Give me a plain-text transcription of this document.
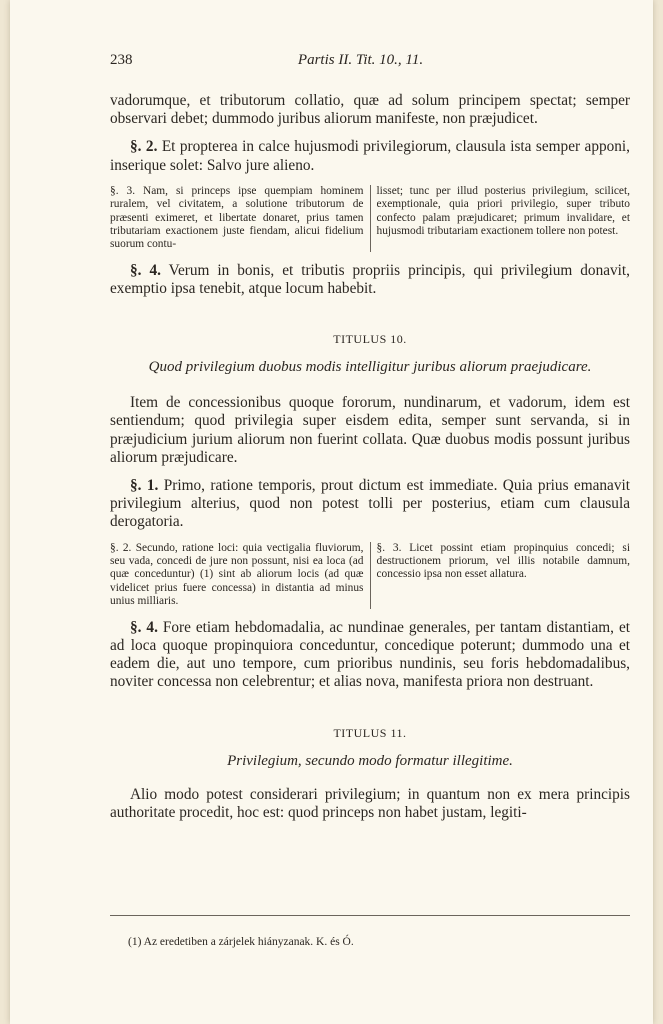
238	Partis II. Tit. 10., 11.

vadorumque, et tributorum collatio, quæ ad solum principem spectat; semper observari debet; dummodo juribus aliorum manifeste, non præjudicet.

§. 2. Et propterea in calce hujusmodi privilegiorum, clausula ista semper apponi, inserique solet: Salvo jure alieno.

§. 3. Nam, si princeps ipse quempiam hominem ruralem, vel civitatem, a solutione tributorum de præsenti eximeret, et libertate donaret, prius tamen tributariam exactionem juste fiendam, alicui fidelium suorum contu-
lisset; tunc per illud posterius privilegium, scilicet, exemptionale, quia priori privilegio, super tributo confecto palam præjudicaret; primum invalidare, et hujusmodi tributariam exactionem tollere non potest.

§. 4. Verum in bonis, et tributis propriis principis, qui privilegium donavit, exemptio ipsa tenebit, atque locum habebit.

TITULUS 10.

Quod privilegium duobus modis intelligitur juribus aliorum praejudicare.

Item de concessionibus quoque fororum, nundinarum, et vadorum, idem est sentiendum; quod privilegia super eisdem edita, semper sunt servanda, si in præjudicium jurium aliorum non fuerint collata. Quæ duobus modis possunt juribus aliorum præjudicare.

§. 1. Primo, ratione temporis, prout dictum est immediate. Quia prius emanavit privilegium alterius, quod non potest tolli per posterius, etiam cum clausula derogatoria.

§. 2. Secundo, ratione loci: quia vectigalia fluviorum, seu vada, concedi de jure non possunt, nisi ea loca (ad quæ conceduntur) (1) sint ab aliorum locis (ad quæ videlicet prius fuere concessa) in distantia ad minus unius milliaris.
§. 3. Licet possint etiam propinquius concedi; si destructionem priorum, vel illis notabile damnum, concessio ipsa non esset allatura.

§. 4. Fore etiam hebdomadalia, ac nundinae generales, per tantam distantiam, et ad loca quoque propinquiora conceduntur, concedique poterunt; dummodo una et eadem die, aut uno tempore, cum prioribus nundinis, seu foris hebdomadalibus, noviter concessa non celebrentur; et alias nova, manifesta priora non destruant.

TITULUS 11.

Privilegium, secundo modo formatur illegitime.

Alio modo potest considerari privilegium; in quantum non ex mera principis authoritate procedit, hoc est: quod princeps non habet justam, legiti-

(1) Az eredetiben a zárjelek hiányzanak. K. és Ó.
